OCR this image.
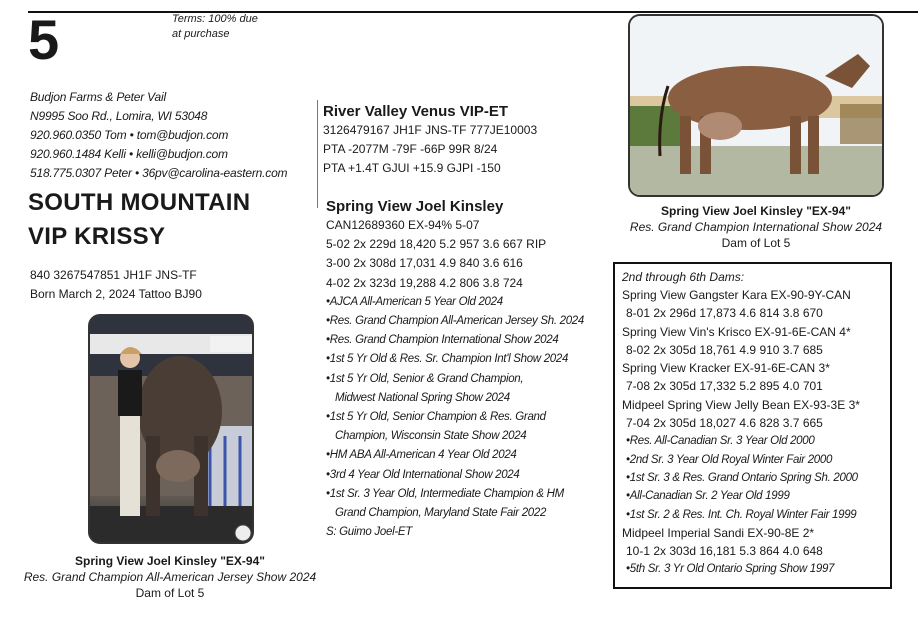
5	Terms: 100% due
at purchase
Budjon Farms & Peter Vail
N9995 Soo Rd., Lomira, WI 53048
920.960.0350 Tom • tom@budjon.com
920.960.1484 Kelli • kelli@budjon.com
518.775.0307 Peter • 36pv@carolina-eastern.com
SOUTH MOUNTAIN
VIP KRISSY
840 3267547851 JH1F JNS-TF
Born March 2, 2024 Tattoo BJ90
Spring View Joel Kinsley "EX-94"
Res. Grand Champion All-American Jersey Show 2024
Dam of Lot 5
Spring View Joel Kinsley "EX-94"
Res. Grand Champion International Show 2024
Dam of Lot 5
River Valley Venus VIP-ET
3126479167 JH1F JNS-TF 777JE10003
PTA -2077M -79F -66P 99R 8/24
PTA +1.4T GJUI +15.9 GJPI -150
Spring View Joel Kinsley
CAN12689360 EX-94% 5-07
5-02 2x 229d 18,420 5.2 957 3.6 667 RIP
3-00 2x 308d 17,031 4.9 840 3.6 616
4-02 2x 323d 19,288 4.2 806 3.8 724
•AJCA All-American 5 Year Old 2024
•Res. Grand Champion All-American Jersey Sh. 2024
•Res. Grand Champion International Show 2024
•1st 5 Yr Old & Res. Sr. Champion Int'l Show 2024
•1st 5 Yr Old, Senior & Grand Champion,
Midwest National Spring Show 2024
•1st 5 Yr Old, Senior Champion & Res. Grand
Champion, Wisconsin State Show 2024
•HM ABA All-American 4 Year Old 2024
•3rd 4 Year Old International Show 2024
•1st Sr. 3 Year Old, Intermediate Champion & HM
Grand Champion, Maryland State Fair 2022
S: Guimo Joel-ET
2nd through 6th Dams:
Spring View Gangster Kara EX-90-9Y-CAN
8-01 2x 296d 17,873 4.6 814 3.8 670
Spring View Vin's Krisco EX-91-6E-CAN 4*
8-02 2x 305d 18,761 4.9 910 3.7 685
Spring View Kracker EX-91-6E-CAN 3*
7-08 2x 305d 17,332 5.2 895 4.0 701
Midpeel Spring View Jelly Bean EX-93-3E 3*
7-04 2x 305d 18,027 4.6 828 3.7 665
•Res. All-Canadian Sr. 3 Year Old 2000
•2nd Sr. 3 Year Old Royal Winter Fair 2000
•1st Sr. 3 & Res. Grand Ontario Spring Sh. 2000
•All-Canadian Sr. 2 Year Old 1999
•1st Sr. 2 & Res. Int. Ch. Royal Winter Fair 1999
Midpeel Imperial Sandi EX-90-8E 2*
10-1 2x 303d 16,181 5.3 864 4.0 648
•5th Sr. 3 Yr Old Ontario Spring Show 1997
